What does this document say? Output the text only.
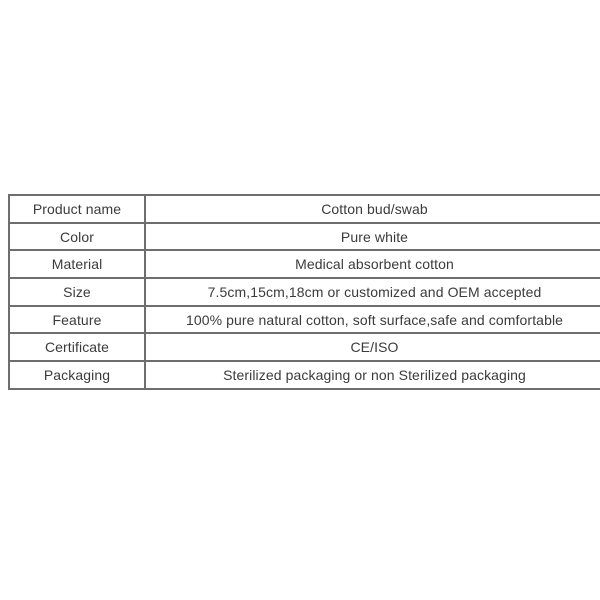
Product name	Cotton bud/swab
Color	Pure white
Material	Medical absorbent cotton
Size	7.5cm,15cm,18cm or customized and OEM accepted
Feature	100% pure natural cotton, soft surface,safe and comfortable
Certificate	CE/ISO
Packaging	Sterilized packaging or non Sterilized packaging
